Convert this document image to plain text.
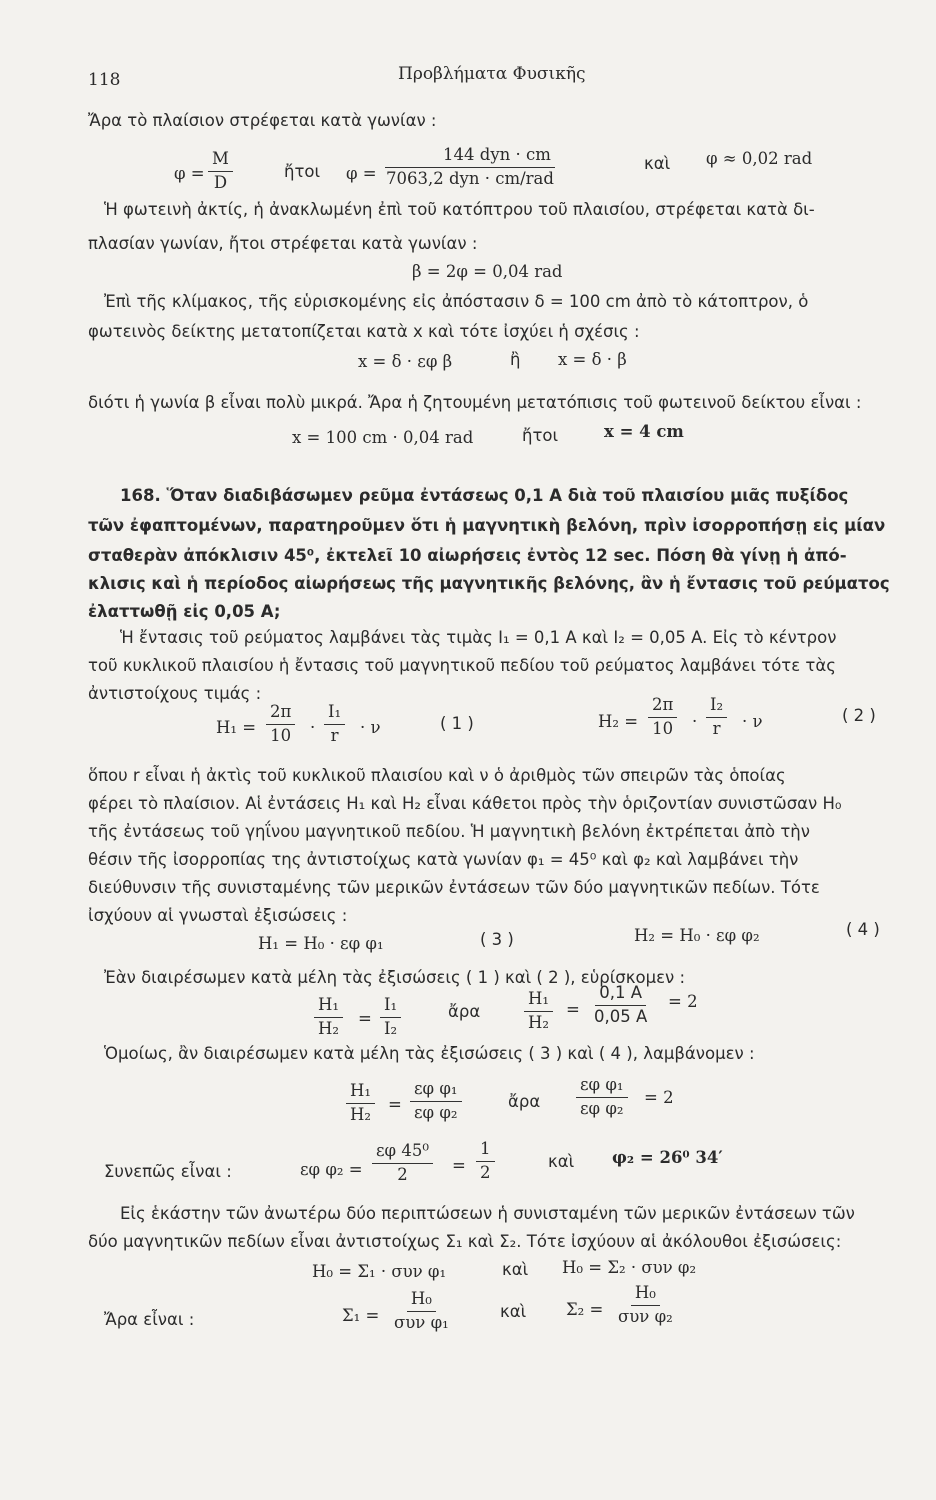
118	Προβλήματα Φυσικῆς
Ἄρα τὸ πλαίσιον στρέφεται κατὰ γωνίαν :
$\varphi = \frac{M}{D}$	ἤτοι φ =
144 dyn · cm
7063,2 dyn · cm/rad
καὶ φ ≈ 0,02 rad
Ἡ φωτεινὴ ἀκτίς, ἡ ἀνακλωμένη ἐπὶ τοῦ κατόπτρου τοῦ πλαισίου, στρέφεται κατὰ δι-
πλασίαν γωνίαν, ἤτοι στρέφεται κατὰ γωνίαν :
β = 2φ = 0,04 rad
Ἐπὶ τῆς κλίμακος, τῆς εὑρισκομένης εἰς ἀπόστασιν δ = 100 cm ἀπὸ τὸ κάτοπτρον, ὁ
φωτεινὸς δείκτης μετατοπίζεται κατὰ x καὶ τότε ἰσχύει ἡ σχέσις :
x = δ · εφ β	ἢ x = δ · β
διότι ἡ γωνία β εἶναι πολὺ μικρά. Ἄρα ἡ ζητουμένη μετατόπισις τοῦ φωτεινοῦ δείκτου εἶναι :
x = 100 cm · 0,04 rad	ἤτοι	x = 4 cm
168. Ὅταν διαδιβάσωμεν ρεῦμα ἐντάσεως 0,1 A διὰ τοῦ πλαισίου μιᾶς πυξίδος
τῶν ἐφαπτομένων, παρατηροῦμεν ὅτι ἡ μαγνητικὴ βελόνη, πρὶν ἰσορροπήσῃ εἰς μίαν
σταθερὰν ἀπόκλισιν 45⁰, ἐκτελεῖ 10 αἰωρήσεις ἐντὸς 12 sec. Πόση θὰ γίνῃ ἡ ἀπό-
κλισις καὶ ἡ περίοδος αἰωρήσεως τῆς μαγνητικῆς βελόνης, ἂν ἡ ἔντασις τοῦ ρεύματος
ἐλαττωθῇ εἰς 0,05 A;
Ἡ ἔντασις τοῦ ρεύματος λαμβάνει τὰς τιμὰς I₁ = 0,1 A καὶ I₂ = 0,05 A. Εἰς τὸ κέντρον
τοῦ κυκλικοῦ πλαισίου ἡ ἔντασις τοῦ μαγνητικοῦ πεδίου τοῦ ρεύματος λαμβάνει τότε τὰς
ἀντιστοίχους τιμάς :
$H_1 = \frac{2\pi}{10} \cdot \frac{\text{I₁}}{r} \cdot \nu$	( 1 )	$H_2 = \frac{2\pi}{10} \cdot \frac{\text{I₂}}{r} \cdot \nu$	( 2 )
ὅπου r εἶναι ἡ ἀκτὶς τοῦ κυκλικοῦ πλαισίου καὶ ν ὁ ἀριθμὸς τῶν σπειρῶν τὰς ὁποίας
φέρει τὸ πλαίσιον. Αἱ ἐντάσεις H₁ καὶ H₂ εἶναι κάθετοι πρὸς τὴν ὁριζοντίαν συνιστῶσαν H₀
τῆς ἐντάσεως τοῦ γηΐνου μαγνητικοῦ πεδίου. Ἡ μαγνητικὴ βελόνη ἐκτρέπεται ἀπὸ τὴν
θέσιν τῆς ἰσορροπίας της ἀντιστοίχως κατὰ γωνίαν φ₁ = 45⁰ καὶ φ₂ καὶ λαμβάνει τὴν
διεύθυνσιν τῆς συνισταμένης τῶν μερικῶν ἐντάσεων τῶν δύο μαγνητικῶν πεδίων. Τότε
ἰσχύουν αἱ γνωσταὶ ἐξισώσεις :
H₁ = H₀ · εφ φ₁	( 3 )	H₂ = H₀ · εφ φ₂	( 4 )
Ἐὰν διαιρέσωμεν κατὰ μέλη τὰς ἐξισώσεις ( 1 ) καὶ ( 2 ), εὑρίσκομεν :
$\frac{\text{H₁}}{\text{H₂}} = \frac{\text{I₁}}{\text{I₂}}$	ἄρα	$\frac{\text{H₁}}{\text{H₂}} = \frac{0,1 A}{0,05 A} = 2$
Ὁμοίως, ἂν διαιρέσωμεν κατὰ μέλη τὰς ἐξισώσεις ( 3 ) καὶ ( 4 ), λαμβάνομεν :
$\frac{\text{H₁}}{\text{H₂}} = \frac{\text{εφ φ₁}}{\text{εφ φ₂}}$	ἄρα $\frac{\text{εφ φ₁}}{\text{εφ φ₂}} = 2$
Συνεπῶς εἶναι :	εφ $\varphi_2 = \frac{\text{εφ 45⁰}}{2} = \frac{1}{2}$	καὶ φ₂ = 26⁰ 34′
Εἰς ἑκάστην τῶν ἀνωτέρω δύο περιπτώσεων ἡ συνισταμένη τῶν μερικῶν ἐντάσεων τῶν
δύο μαγνητικῶν πεδίων εἶναι ἀντιστοίχως Σ₁ καὶ Σ₂. Τότε ἰσχύουν αἱ ἀκόλουθοι ἐξισώσεις:
H₀ = Σ₁ · συν φ₁	καὶ H₀ = Σ₂ · συν φ₂
Ἄρα εἶναι :	Σ₁ =
H₀
συν φ₁
καὶ Σ₂ =
H₀
συν φ₂
